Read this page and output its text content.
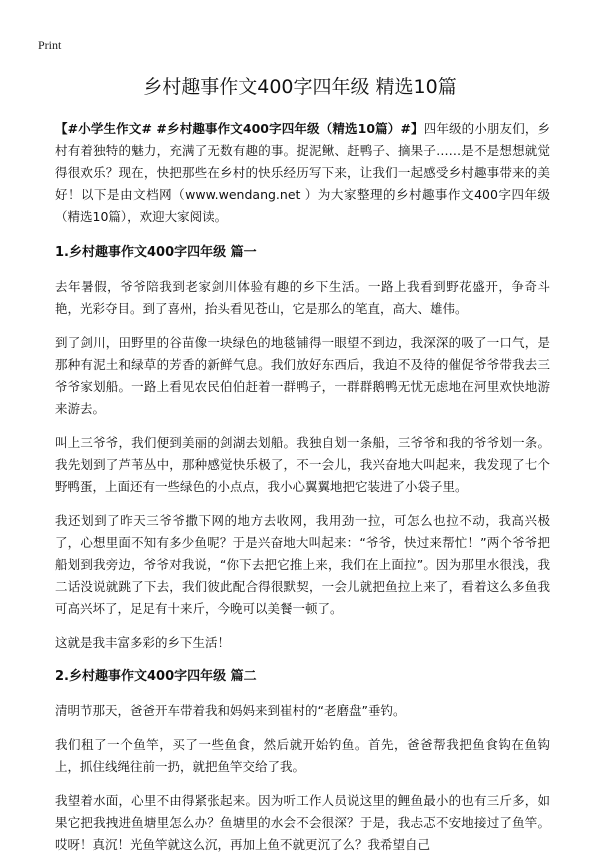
Print
乡村趣事作文400字四年级 精选10篇

【#小学生作文# #乡村趣事作文400字四年级（精选10篇）#】四年级的小朋友们，乡村有着独特的魅力，充满了无数有趣的事。捉泥鳅、赶鸭子、摘果子……是不是想想就觉得很欢乐？现在，快把那些在乡村的快乐经历写下来，让我们一起感受乡村趣事带来的美好！以下是由文档网（www.wendang.net ）为大家整理的乡村趣事作文400字四年级（精选10篇），欢迎大家阅读。

1.乡村趣事作文400字四年级 篇一

去年暑假，爷爷陪我到老家剑川体验有趣的乡下生活。一路上我看到野花盛开，争奇斗艳，光彩夺目。到了喜州，抬头看见苍山，它是那么的笔直，高大、雄伟。

到了剑川，田野里的谷苗像一块绿色的地毯铺得一眼望不到边，我深深的吸了一口气，是那种有泥土和绿草的芳香的新鲜气息。我们放好东西后，我迫不及待的催促爷爷带我去三爷爷家划船。一路上看见农民伯伯赶着一群鸭子，一群群鹅鸭无忧无虑地在河里欢快地游来游去。

叫上三爷爷，我们便到美丽的剑湖去划船。我独自划一条船，三爷爷和我的爷爷划一条。我先划到了芦苇丛中，那种感觉快乐极了，不一会儿，我兴奋地大叫起来，我发现了七个野鸭蛋，上面还有一些绿色的小点点，我小心翼翼地把它装进了小袋子里。

我还划到了昨天三爷爷撒下网的地方去收网，我用劲一拉，可怎么也拉不动，我高兴极了，心想里面不知有多少鱼呢？于是兴奋地大叫起来：“爷爷，快过来帮忙！”两个爷爷把船划到我旁边，爷爷对我说，“你下去把它推上来，我们在上面拉”。因为那里水很浅，我二话没说就跳了下去，我们彼此配合得很默契，一会儿就把鱼拉上来了，看着这么多鱼我可高兴坏了，足足有十来斤，今晚可以美餐一顿了。

这就是我丰富多彩的乡下生活！

2.乡村趣事作文400字四年级 篇二

清明节那天，爸爸开车带着我和妈妈来到崔村的“老磨盘”垂钓。

我们租了一个鱼竿，买了一些鱼食，然后就开始钓鱼。首先，爸爸帮我把鱼食钩在鱼钩上，抓住线绳往前一扔，就把鱼竿交给了我。

我望着水面，心里不由得紧张起来。因为听工作人员说这里的鲤鱼最小的也有三斤多，如果它把我拽进鱼塘里怎么办？鱼塘里的水会不会很深？于是，我忐忑不安地接过了鱼竿。哎呀！真沉！光鱼竿就这么沉，再加上鱼不就更沉了么？我希望自己
